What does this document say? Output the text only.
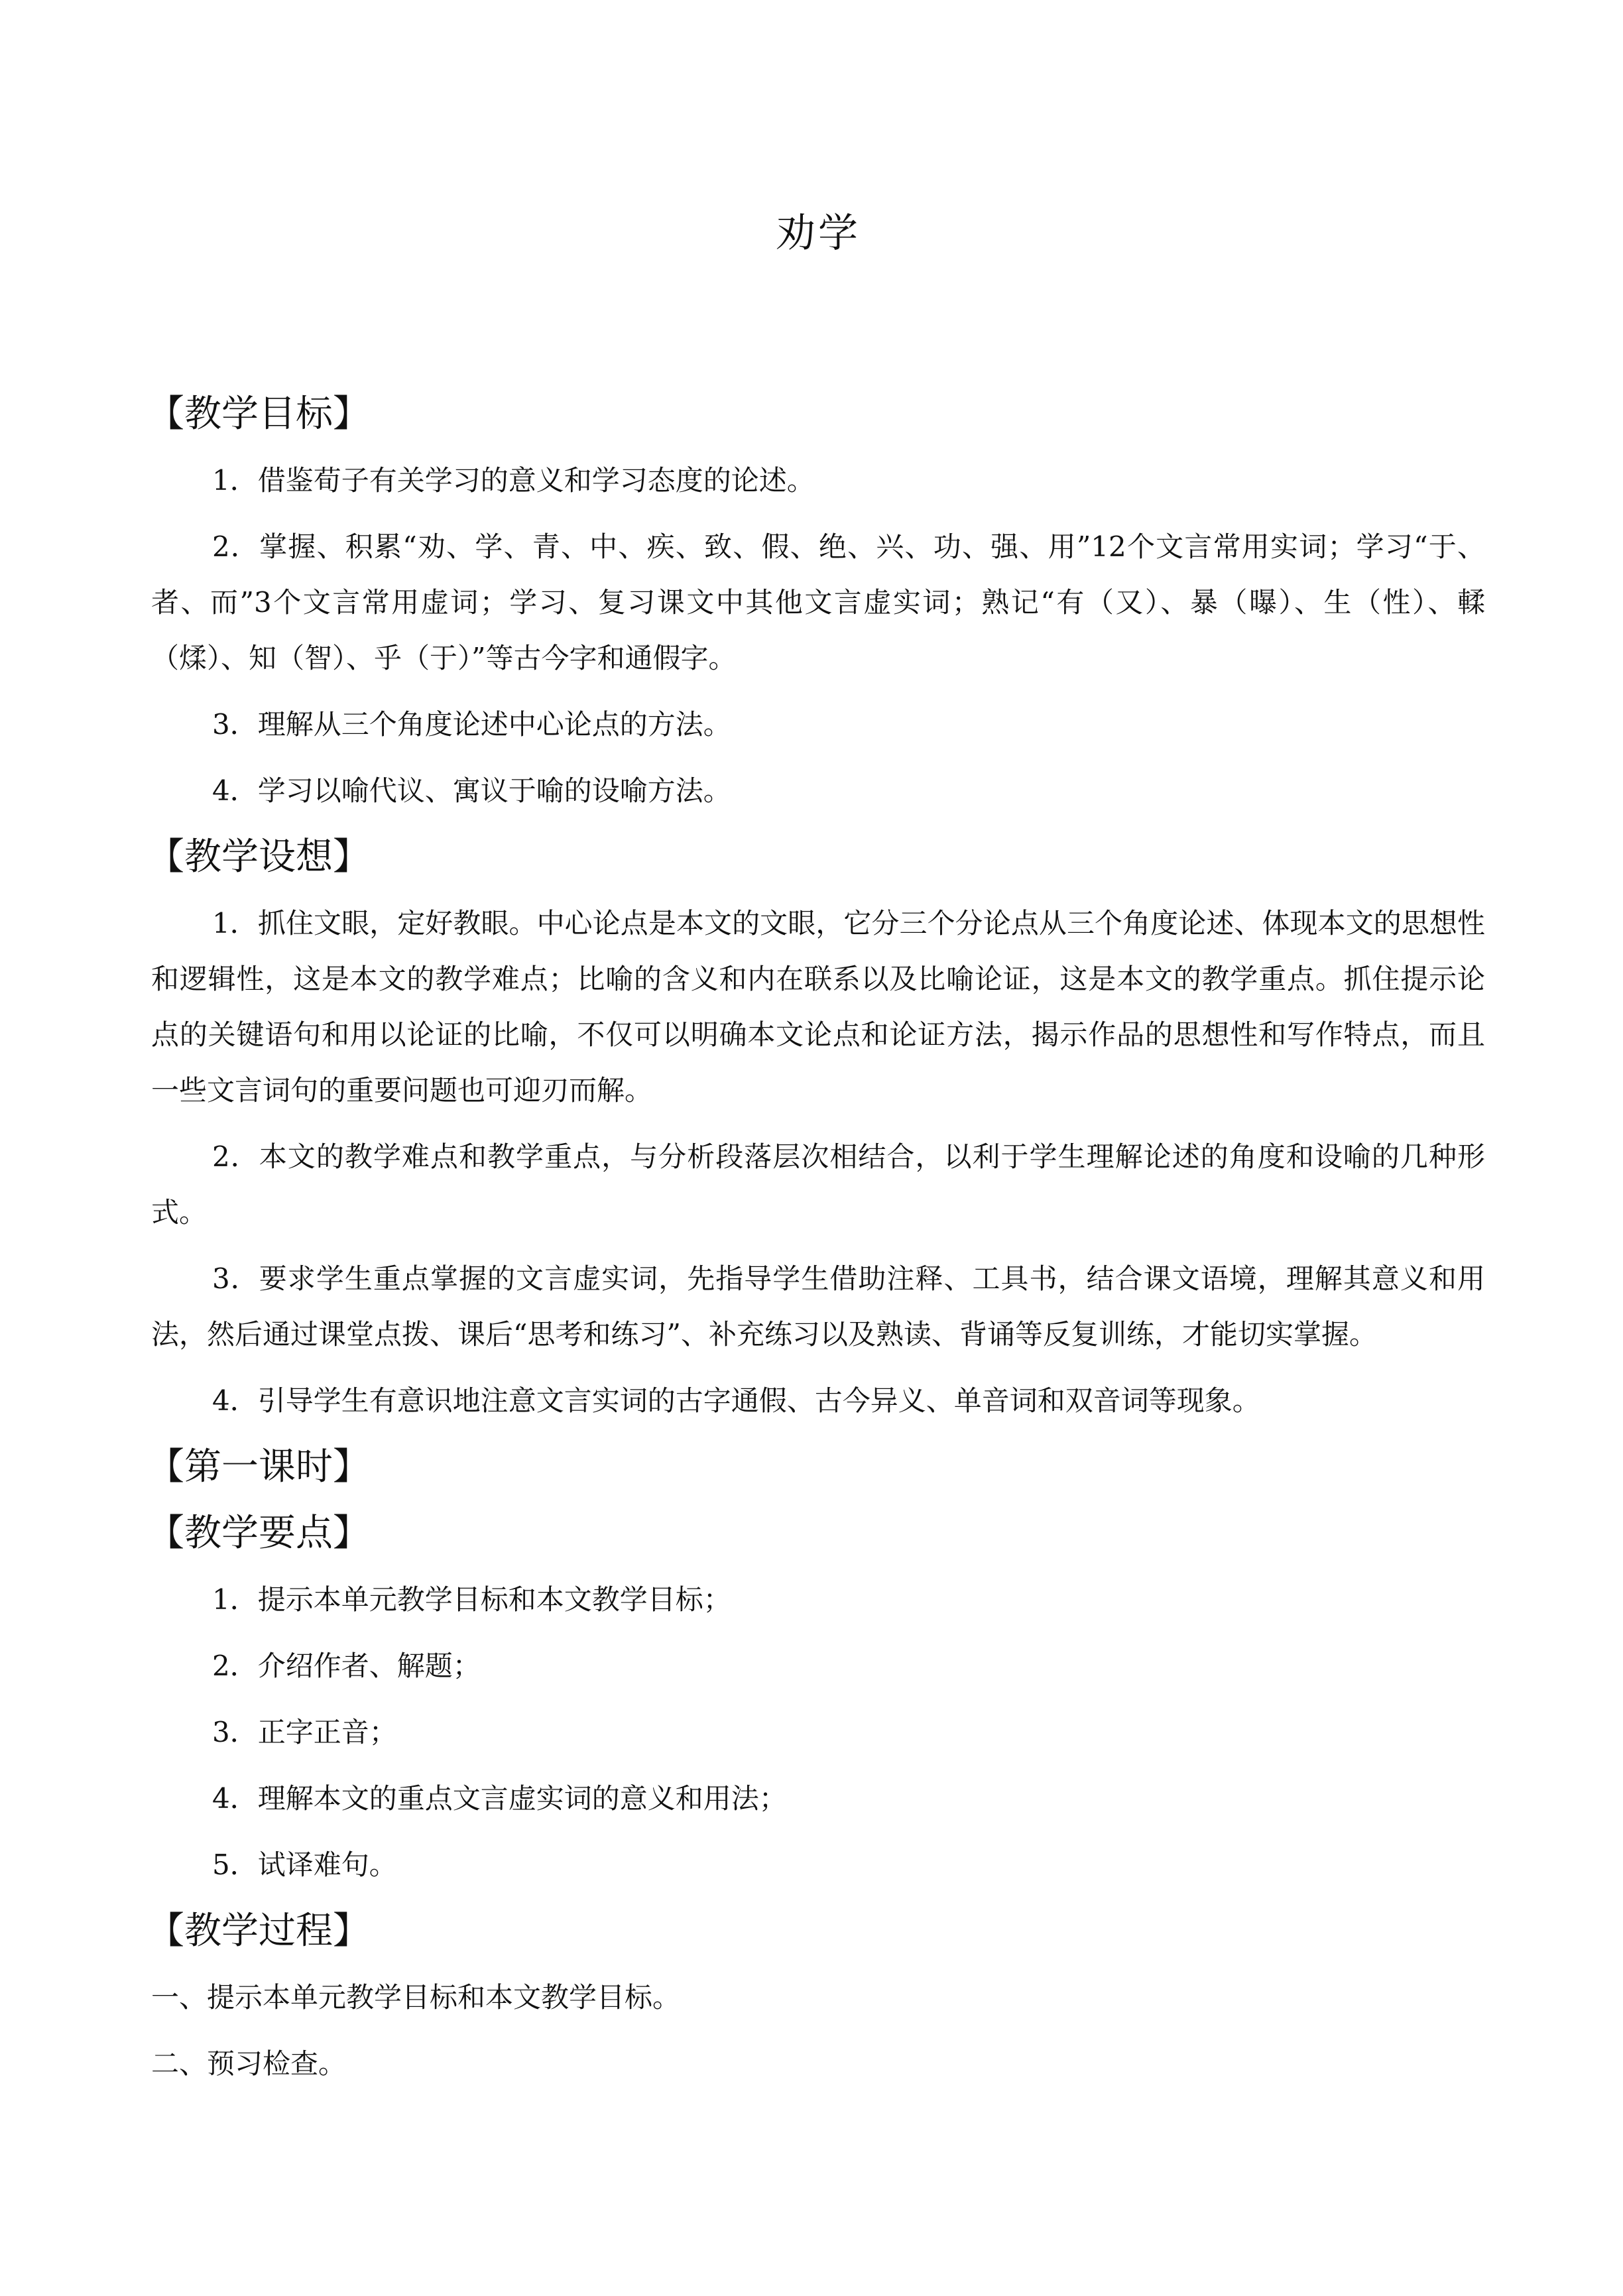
劝学
【教学目标】

1．借鉴荀子有关学习的意义和学习态度的论述。

2．掌握、积累“劝、学、青、中、疾、致、假、绝、兴、功、强、用”12个文言常用实词；学习“于、者、而”3个文言常用虚词；学习、复习课文中其他文言虚实词；熟记“有（又）、暴（曝）、生（性）、輮（煣）、知（智）、乎（于）”等古今字和通假字。

3．理解从三个角度论述中心论点的方法。

4．学习以喻代议、寓议于喻的设喻方法。

【教学设想】

1．抓住文眼，定好教眼。中心论点是本文的文眼，它分三个分论点从三个角度论述、体现本文的思想性和逻辑性，这是本文的教学难点；比喻的含义和内在联系以及比喻论证，这是本文的教学重点。抓住提示论点的关键语句和用以论证的比喻，不仅可以明确本文论点和论证方法，揭示作品的思想性和写作特点，而且一些文言词句的重要问题也可迎刃而解。

2．本文的教学难点和教学重点，与分析段落层次相结合，以利于学生理解论述的角度和设喻的几种形式。

3．要求学生重点掌握的文言虚实词，先指导学生借助注释、工具书，结合课文语境，理解其意义和用法，然后通过课堂点拨、课后“思考和练习”、补充练习以及熟读、背诵等反复训练，才能切实掌握。

4．引导学生有意识地注意文言实词的古字通假、古今异义、单音词和双音词等现象。

【第一课时】
【教学要点】

1．提示本单元教学目标和本文教学目标；

2．介绍作者、解题；

3．正字正音；

4．理解本文的重点文言虚实词的意义和用法；

5．试译难句。

【教学过程】

一、提示本单元教学目标和本文教学目标。

二、预习检查。
